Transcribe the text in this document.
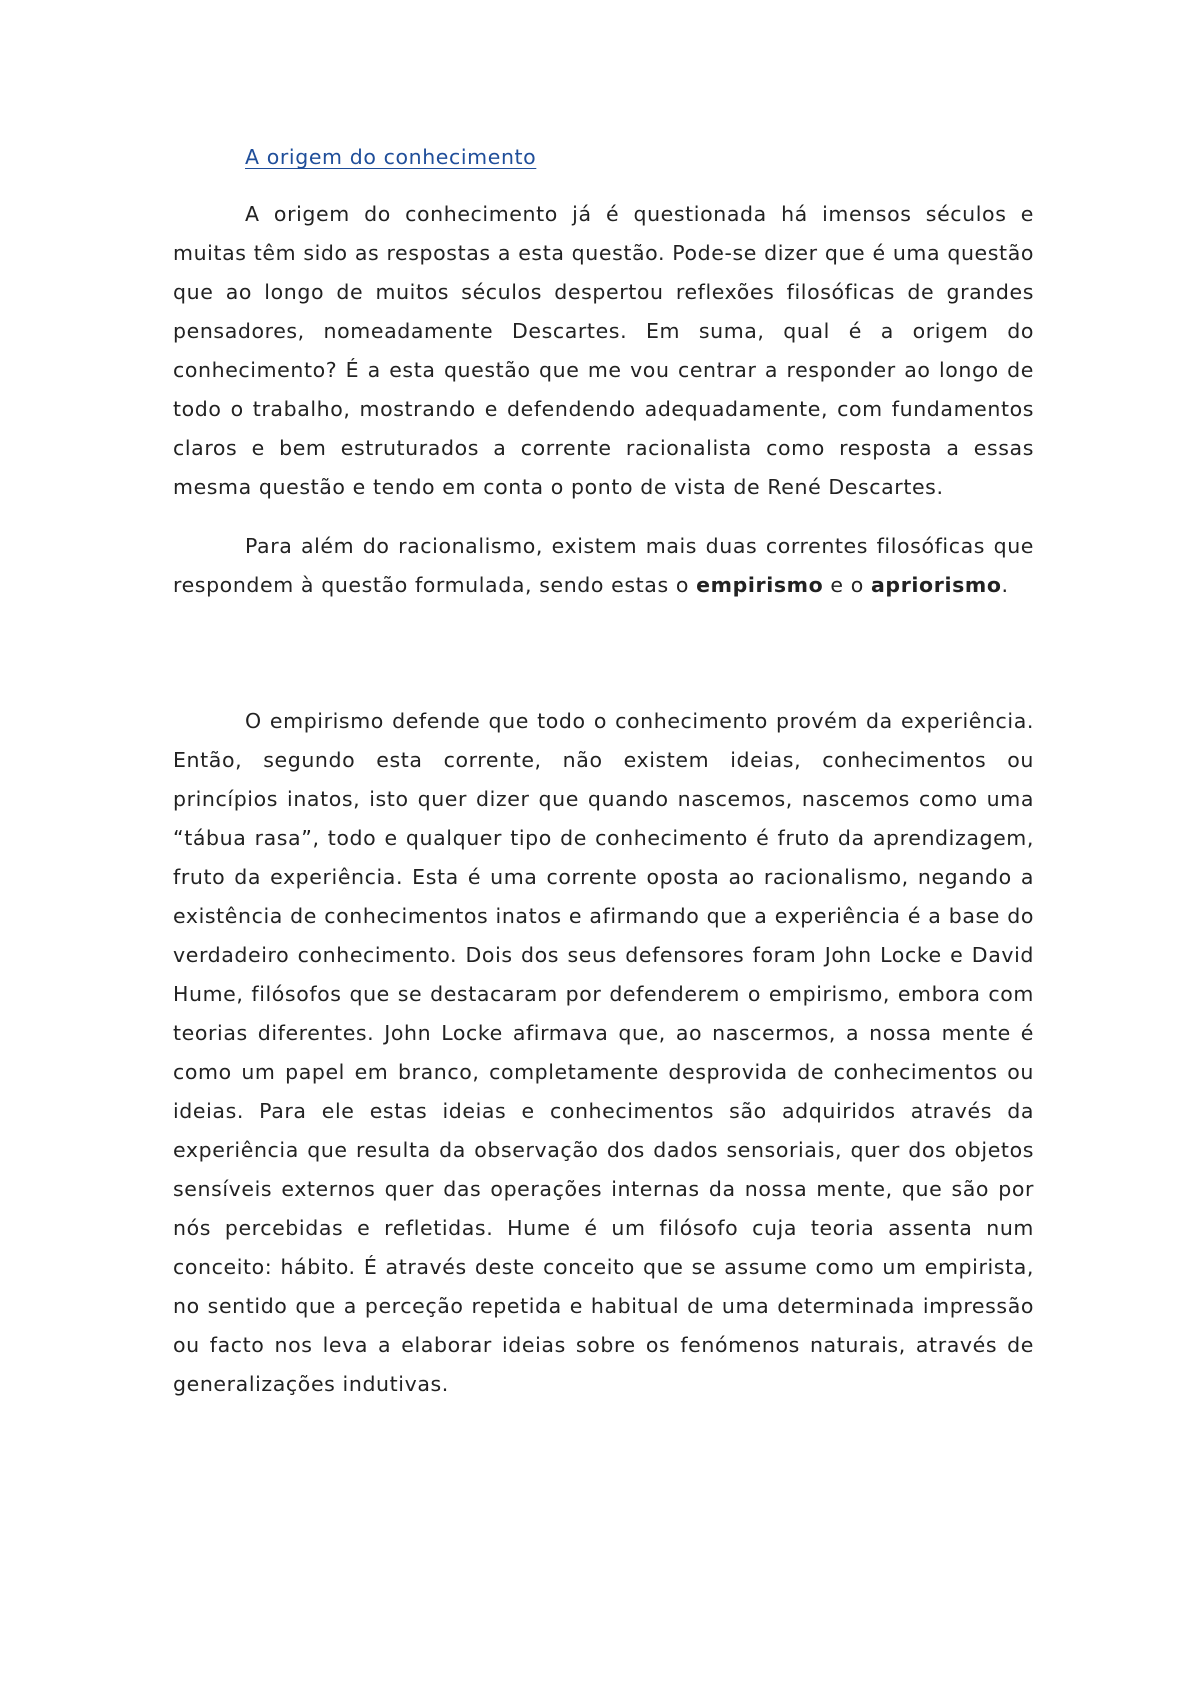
A origem do conhecimento

A origem do conhecimento já é questionada há imensos séculos e muitas têm sido as respostas a esta questão. Pode-se dizer que é uma questão que ao longo de muitos séculos despertou reflexões filosóficas de grandes pensadores, nomeadamente Descartes. Em suma, qual é a origem do conhecimento? É a esta questão que me vou centrar a responder ao longo de todo o trabalho, mostrando e defendendo adequadamente, com fundamentos claros e bem estruturados a corrente racionalista como resposta a essas mesma questão e tendo em conta o ponto de vista de René Descartes.

Para além do racionalismo, existem mais duas correntes filosóficas que respondem à questão formulada, sendo estas o empirismo e o apriorismo.

O empirismo defende que todo o conhecimento provém da experiência. Então, segundo esta corrente, não existem ideias, conhecimentos ou princípios inatos, isto quer dizer que quando nascemos, nascemos como uma “tábua rasa”, todo e qualquer tipo de conhecimento é fruto da aprendizagem, fruto da experiência. Esta é uma corrente oposta ao racionalismo, negando a existência de conhecimentos inatos e afirmando que a experiência é a base do verdadeiro conhecimento. Dois dos seus defensores foram John Locke e David Hume, filósofos que se destacaram por defenderem o empirismo, embora com teorias diferentes. John Locke afirmava que, ao nascermos, a nossa mente é como um papel em branco, completamente desprovida de conhecimentos ou ideias. Para ele estas ideias e conhecimentos são adquiridos através da experiência que resulta da observação dos dados sensoriais, quer dos objetos sensíveis externos quer das operações internas da nossa mente, que são por nós percebidas e refletidas. Hume é um filósofo cuja teoria assenta num conceito: hábito. É através deste conceito que se assume como um empirista, no sentido que a perceção repetida e habitual de uma determinada impressão ou facto nos leva a elaborar ideias sobre os fenómenos naturais, através de generalizações indutivas.
